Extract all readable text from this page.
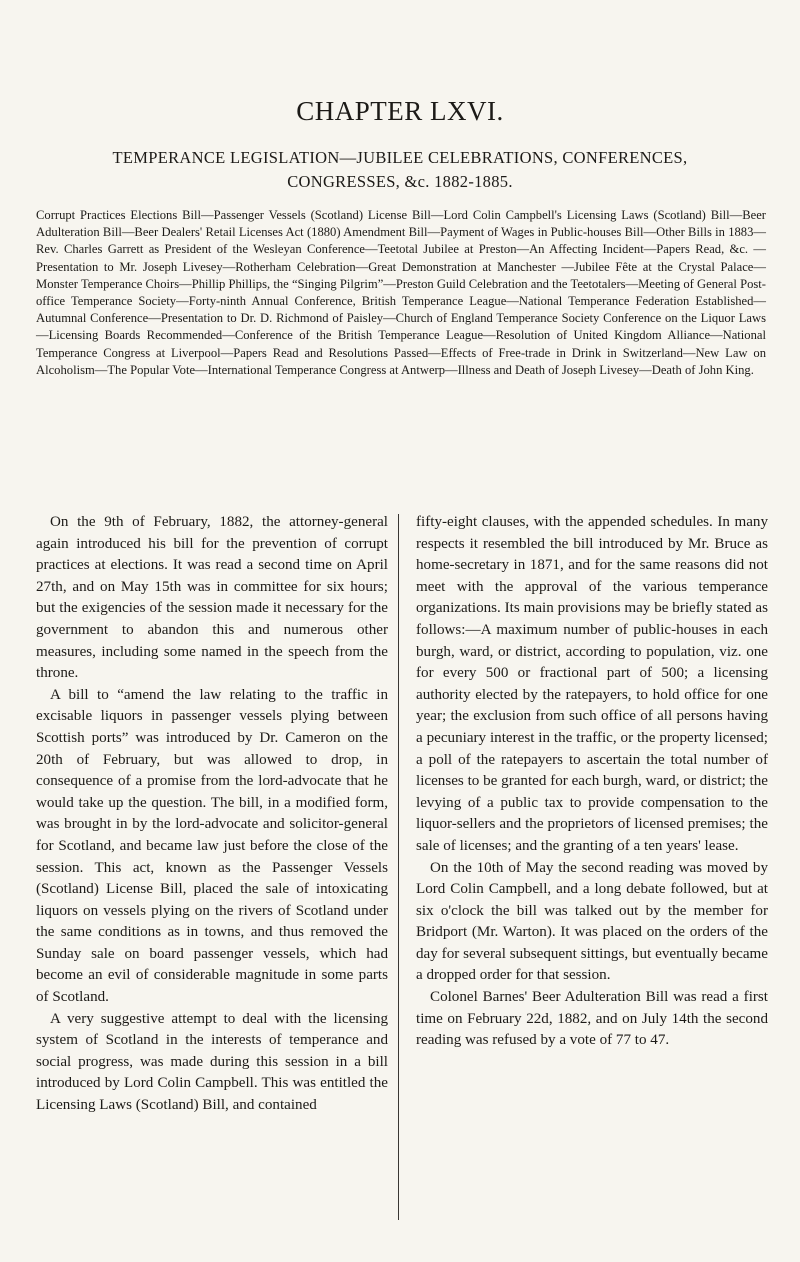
CHAPTER LXVI.
TEMPERANCE LEGISLATION—JUBILEE CELEBRATIONS, CONFERENCES,
CONGRESSES, &c. 1882-1885.
Corrupt Practices Elections Bill—Passenger Vessels (Scotland) License Bill—Lord Colin Campbell's Licensing Laws (Scotland) Bill—Beer Adulteration Bill—Beer Dealers' Retail Licenses Act (1880) Amendment Bill—Payment of Wages in Public-houses Bill—Other Bills in 1883—Rev. Charles Garrett as President of the Wesleyan Conference—Teetotal Jubilee at Preston—An Affecting Incident—Papers Read, &c. —Presentation to Mr. Joseph Livesey—Rotherham Celebration—Great Demonstration at Manchester —Jubilee Fête at the Crystal Palace—Monster Temperance Choirs—Phillip Phillips, the “Singing Pilgrim”—Preston Guild Celebration and the Teetotalers—Meeting of General Post-office Temperance Society—Forty-ninth Annual Conference, British Temperance League—National Temperance Federation Established—Autumnal Conference—Presentation to Dr. D. Richmond of Paisley—Church of England Temperance Society Conference on the Liquor Laws—Licensing Boards Recommended—Conference of the British Temperance League—Resolution of United Kingdom Alliance—National Temperance Congress at Liverpool—Papers Read and Resolutions Passed—Effects of Free-trade in Drink in Switzerland—New Law on Alcoholism—The Popular Vote—International Temperance Congress at Antwerp—Illness and Death of Joseph Livesey—Death of John King.

On the 9th of February, 1882, the attorney-general again introduced his bill for the prevention of corrupt practices at elections. It was read a second time on April 27th, and on May 15th was in committee for six hours; but the exigencies of the session made it necessary for the government to abandon this and numerous other measures, including some named in the speech from the throne.

A bill to “amend the law relating to the traffic in excisable liquors in passenger vessels plying between Scottish ports” was introduced by Dr. Cameron on the 20th of February, but was allowed to drop, in consequence of a promise from the lord-advocate that he would take up the question. The bill, in a modified form, was brought in by the lord-advocate and solicitor-general for Scotland, and became law just before the close of the session. This act, known as the Passenger Vessels (Scotland) License Bill, placed the sale of intoxicating liquors on vessels plying on the rivers of Scotland under the same conditions as in towns, and thus removed the Sunday sale on board passenger vessels, which had become an evil of considerable magnitude in some parts of Scotland.

A very suggestive attempt to deal with the licensing system of Scotland in the interests of temperance and social progress, was made during this session in a bill introduced by Lord Colin Campbell. This was entitled the Licensing Laws (Scotland) Bill, and contained

fifty-eight clauses, with the appended schedules. In many respects it resembled the bill introduced by Mr. Bruce as home-secretary in 1871, and for the same reasons did not meet with the approval of the various temperance organizations. Its main provisions may be briefly stated as follows:—A maximum number of public-houses in each burgh, ward, or district, according to population, viz. one for every 500 or fractional part of 500; a licensing authority elected by the ratepayers, to hold office for one year; the exclusion from such office of all persons having a pecuniary interest in the traffic, or the property licensed; a poll of the ratepayers to ascertain the total number of licenses to be granted for each burgh, ward, or district; the levying of a public tax to provide compensation to the liquor-sellers and the proprietors of licensed premises; the sale of licenses; and the granting of a ten years' lease.

On the 10th of May the second reading was moved by Lord Colin Campbell, and a long debate followed, but at six o'clock the bill was talked out by the member for Bridport (Mr. Warton). It was placed on the orders of the day for several subsequent sittings, but eventually became a dropped order for that session.

Colonel Barnes' Beer Adulteration Bill was read a first time on February 22d, 1882, and on July 14th the second reading was refused by a vote of 77 to 47.
